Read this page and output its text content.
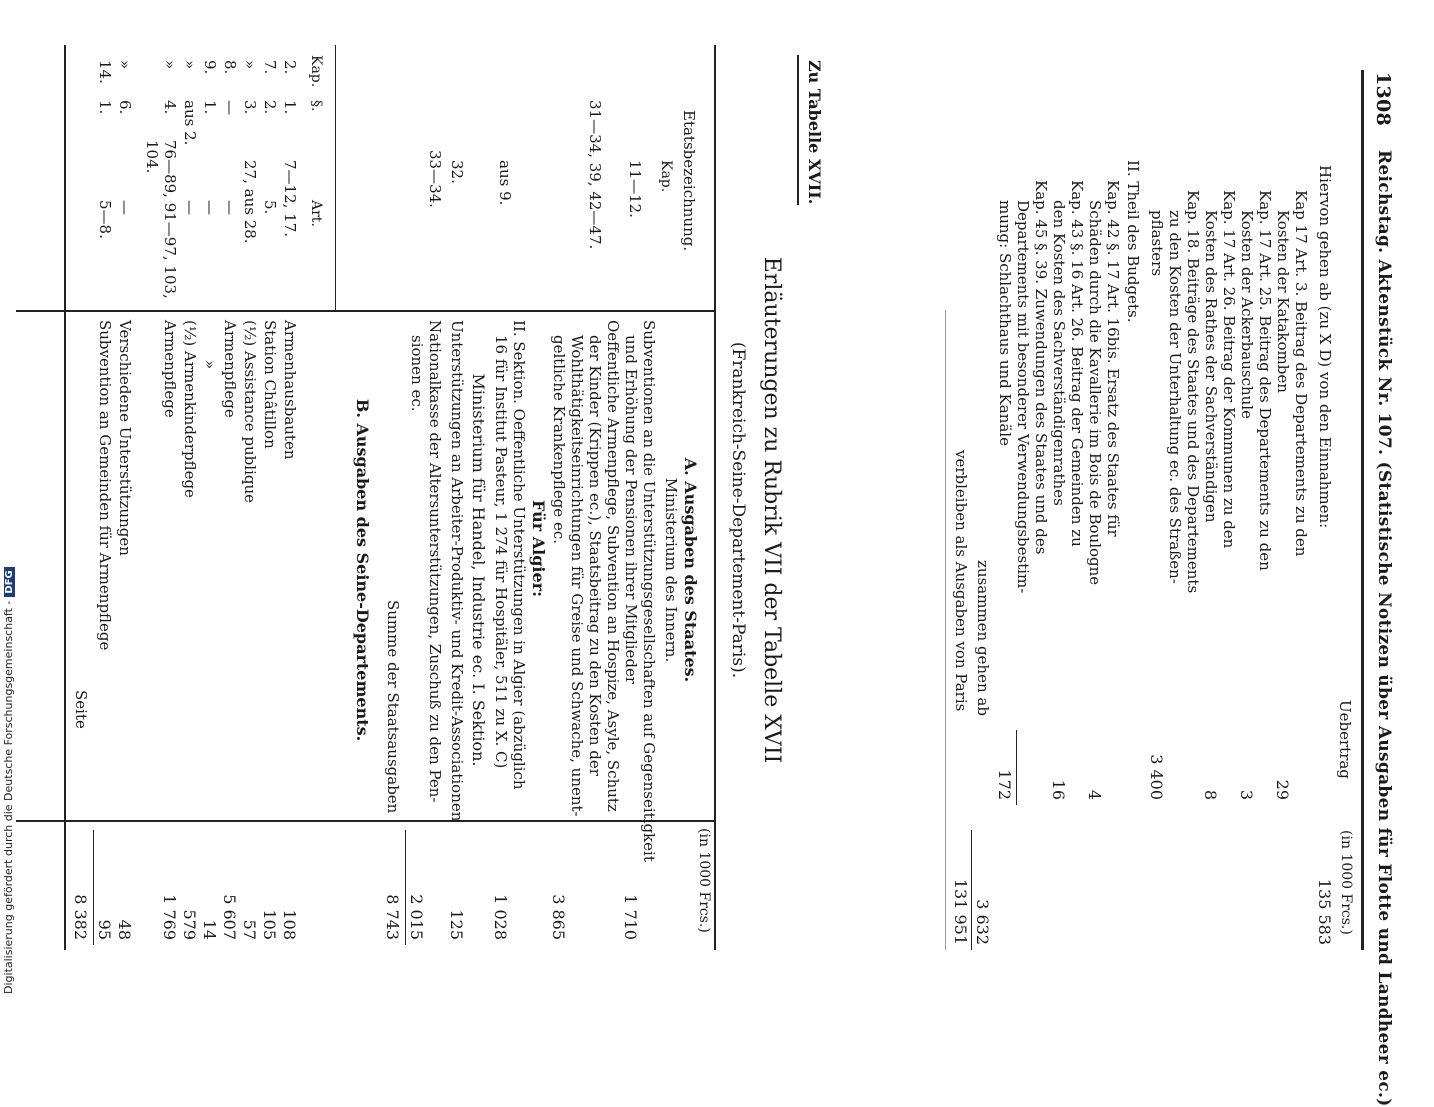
1308
Reichstag. Aktenstück Nr. 107. (Statistische Notizen über Ausgaben für Flotte und Landheer ec.)
Hiervon gehen ab (zu X D) von den Einnahmen:
Uebertrag
(in 1000 Frcs.)
135 583
Kap 17 Art. 3. Beitrag des Departements zu den
Kosten der Katakomben
29
Kap. 17 Art. 25. Beitrag des Departements zu den
Kosten der Ackerbauschule
3
Kap. 17 Art. 26. Beitrag der Kommunen zu den
Kosten des Rathes der Sachverständigen
8
Kap. 18. Beiträge des Staates und des Departements
zu den Kosten der Unterhaltung ec. des Straßen-
pflasters
3 400
II. Theil des Budgets.
Kap. 42 §. 17 Art. 16bis. Ersatz des Staates für
Schäden durch die Kavallerie im Bois de Boulogne
4
Kap. 43 §. 16 Art. 26. Beitrag der Gemeinden zu
den Kosten des Sachverständigenrathes
16
Kap. 45 §. 39. Zuwendungen des Staates und des
Departements mit besonderer Verwendungsbestim-
mung: Schlachthaus und Kanäle
172
zusammen gehen ab
3 632
verbleiben als Ausgaben von Paris
131 951
Zu Tabelle XVII.
Erläuterungen zu Rubrik VII der Tabelle XVII
(Frankreich-Seine-Departement-Paris).
Etatsbezeichnung.
Kap.
(in 1000 Frcs.)
A. Ausgaben des Staates.
Ministerium des Innern.
11—12.
Subventionen an die Unterstützungsgesellschaften auf Gegenseitigkeit
und Erhöhung der Pensionen ihrer Mitglieder
1 710
31—34, 39, 42—47.
Oeffentliche Armenpflege, Subvention an Hospize, Asyle, Schutz
der Kinder (Krippen ec.), Staatsbeitrag zu den Kosten der
Wohlthätigkeitseinrichtungen für Greise und Schwache, unent-
geltliche Krankenpflege ec.
3 865
Für Algier:
aus 9.
II. Sektion. Oeffentliche Unterstützungen in Algier (abzüglich
16 für Institut Pasteur, 1 274 für Hospitäler, 511 zu X. C)
1 028
Ministerium für Handel, Industrie ec. I. Sektion.
32.
Unterstützungen an Arbeiter-Produktiv- und Kredit-Associationen
125
33—34.
Nationalkasse der Altersunterstützungen, Zuschuß zu den Pen-
sionen ec.
2 015
Summe der Staatsausgaben
8 743
B. Ausgaben des Seine-Departements.
Kap.
§.
Art.
2.
1.
7—12, 17.
Armenhausbauten
108
7.
2.
5.
Station Châtillon
105
»
3.
27, aus 28.
(½) Assistance publique
57
8.
—
—
Armenpflege
5 607
9.
1.
—
»
14
»
aus 2.
—
(½) Armenkinderpflege
579
»
4.
76—89, 91—97, 103, 104.
Armenpflege
1 769
»
6.
—
Verschiedene Unterstützungen
48
14.
1.
5—8.
Subvention an Gemeinden für Armenpflege
95
Seite
8 382
Digitalisierung gefördert durch die Deutsche Forschungsgemeinschaft -DFG
